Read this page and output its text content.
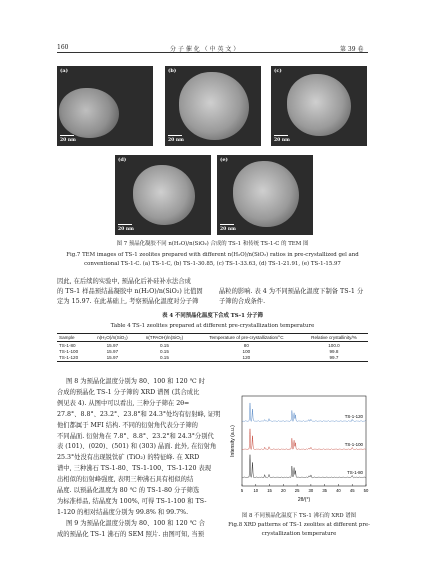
160	分 子 催 化 （ 中 英 文 ）	第 39 卷
(a)
20 nm
(b)
20 nm
(c)
20 nm
(d)
20 nm
(e)
20 nm
图 7 预晶化凝胶不同 n(H₂O)/n(SiO₂) 合成的 TS-1 和传统 TS-1-C 的 TEM 图
Fig.7 TEM images of TS-1 zeolites prepared with different n(H₂O)/n(SiO₂) ratios in pre-crystallized gel and
conventional TS-1-C. (a) TS-1-C, (b) TS-1-30.85, (c) TS-1-33.63, (d) TS-1-21.91, (e) TS-1-15.97
因此, 在后续的实验中, 预晶化后补硅补水法合成
的 TS-1 样品预结晶凝胶中 n(H₂O)/n(SiO₂) 比值固
定为 15.97. 在此基础上, 考察预晶化温度对分子筛
晶粒的影响. 表 4 为不同预晶化温度下制备 TS-1 分
子筛的合成条件.
表 4 不同预晶化温度下合成 TS-1 分子筛
Table 4 TS-1 zeolites prepared at different pre-crystallization temperature
Sample	n(H₂O)/n(SiO₂)	n(TPAOH)/n(SiO₂)	Temperature of pre-crystallization/°C	Relative crystallinity/%
TS-1-80	15.97	0.15	80	100.0
TS-1-100	15.97	0.15	100	99.8
TS-1-120	15.97	0.15	120	99.7
图 8 为预晶化温度分别为 80、100 和 120 ℃ 时
合成的预晶化 TS-1 分子筛的 XRD 谱图 (其合成比
例见表 4). 从图中可以看出, 三种分子筛在 2θ=
27.8°、8.8°、23.2°、23.8°和 24.3°处均有衍射峰, 证明
他们都属于 MFI 结构. 不同的衍射角代表分子筛的
不同晶面. 衍射角在 7.8°、8.8°、23.2°和 24.3°分别代
表 (101)、(020)、(501) 和 (303) 晶面. 此外, 在衍射角
25.3°处没有出现锐钛矿 (TiO₂) 的特征峰. 在 XRD
谱中, 三种沸石 TS-1-80、TS-1-100、TS-1-120 表现
出相似的衍射峰强度, 表明三种沸石具有相似的结
晶度. 以预晶化温度为 80 ℃ 的 TS-1-80 分子筛选
为标准样品, 结晶度为 100%, 可得 TS-1-100 和 TS-
1-120 的相对结晶度分别为 99.8% 和 99.7%.
图 9 为预晶化温度分别为 80、100 和 120 ℃ 合
成的预晶化 TS-1 沸石的 SEM 照片. 由图可知, 当预
Intensity (a.u.)
2θ/(°)
5 10 15 20 25 30 35 40 45 50
TS-1-120
TS-1-100
TS-1-80
图 8 不同预晶化温度下 TS-1 沸石的 XRD 谱图
Fig.8 XRD patterns of TS-1 zeolites at different pre-
crystallization temperature
